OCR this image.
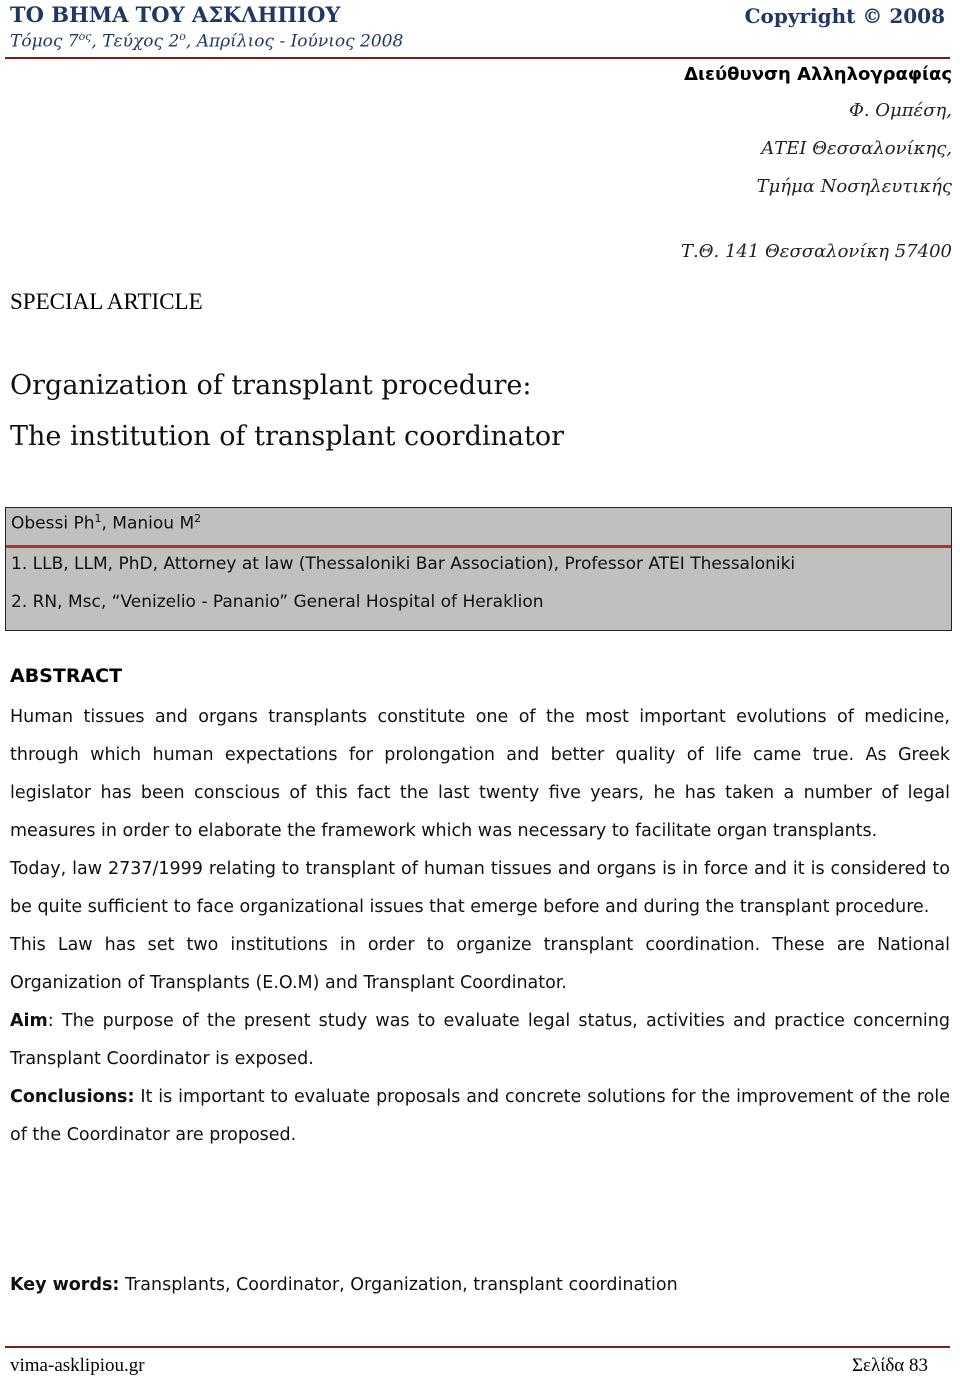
ΤΟ ΒΗΜΑ ΤΟΥ ΑΣΚΛΗΠΙΟΥ
Τόμος $7^{o\varsigma}$, Τεύχος $2^o$, Απρίλιος - Ιούνιος 2008
Copyright © 2008
Διεύθυνση Αλληλογραφίας
Φ. Ομπέση,
ΑΤΕΙ Θεσσαλονίκης,
Τμήμα Νοσηλευτικής
Τ.Θ. 141 Θεσσαλονίκη 57400
SPECIAL ARTICLE
Organization of transplant procedure:
The institution of transplant coordinator
Obessi Ph$^1$, Maniou $M^2$
1. LLB, LLM, PhD, Attorney at law (Thessaloniki Bar Association), Professor ATEI Thessaloniki
2. RN, Msc, “Venizelio - Pananio” General Hospital of Heraklion
ABSTRACT

Human tissues and organs transplants constitute one of the most important evolutions of medicine, through which human expectations for prolongation and better quality of life came true. As Greek legislator has been conscious of this fact the last twenty five years, he has taken a number of legal measures in order to elaborate the framework which was necessary to facilitate organ transplants.

Today, law 2737/1999 relating to transplant of human tissues and organs is in force and it is considered to be quite sufficient to face organizational issues that emerge before and during the transplant procedure.

This Law has set two institutions in order to organize transplant coordination. These are National Organization of Transplants (E.O.M) and Transplant Coordinator.

Aim: The purpose of the present study was to evaluate legal status, activities and practice concerning Transplant Coordinator is exposed.

Conclusions: It is important to evaluate proposals and concrete solutions for the improvement of the role of the Coordinator are proposed.

Key words: Transplants, Coordinator, Organization, transplant coordination

vima-asklipiou.gr	Σελίδα 83
